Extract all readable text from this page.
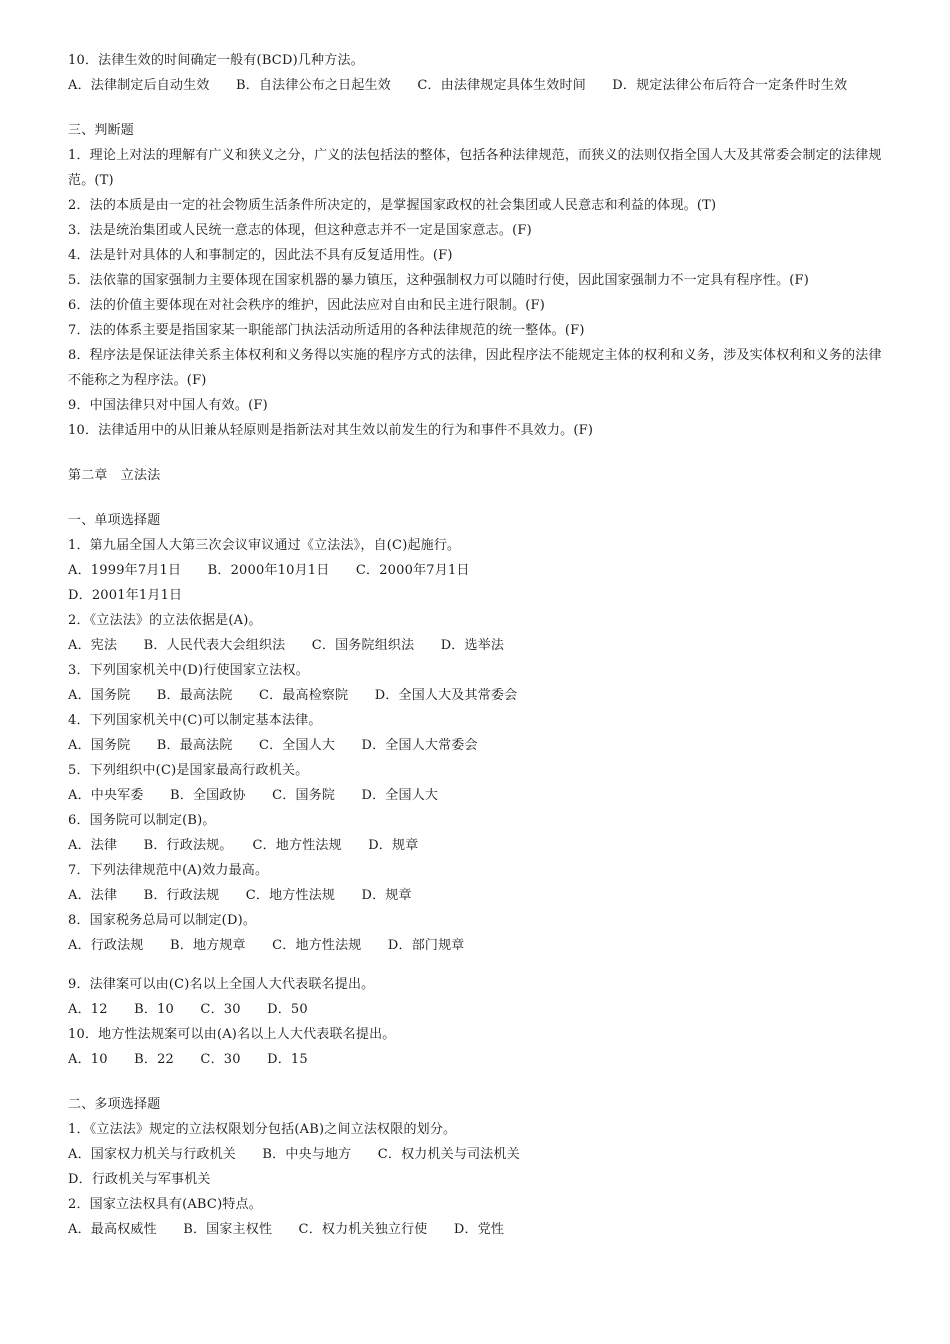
10．法律生效的时间确定一般有(BCD)几种方法。
A．法律制定后自动生效　　B．自法律公布之日起生效　　C．由法律规定具体生效时间　　D．规定法律公布后符合一定条件时生效
三、判断题
1．理论上对法的理解有广义和狭义之分，广义的法包括法的整体，包括各种法律规范，而狭义的法则仅指全国人大及其常委会制定的法律规范。(T)
2．法的本质是由一定的社会物质生活条件所决定的，是掌握国家政权的社会集团或人民意志和利益的体现。(T)
3．法是统治集团或人民统一意志的体现，但这种意志并不一定是国家意志。(F)
4．法是针对具体的人和事制定的，因此法不具有反复适用性。(F)
5．法依靠的国家强制力主要体现在国家机器的暴力镇压，这种强制权力可以随时行使，因此国家强制力不一定具有程序性。(F)
6．法的价值主要体现在对社会秩序的维护，因此法应对自由和民主进行限制。(F)
7．法的体系主要是指国家某一职能部门执法活动所适用的各种法律规范的统一整体。(F)
8．程序法是保证法律关系主体权利和义务得以实施的程序方式的法律，因此程序法不能规定主体的权利和义务，涉及实体权利和义务的法律不能称之为程序法。(F)
9．中国法律只对中国人有效。(F)
10．法律适用中的从旧兼从轻原则是指新法对其生效以前发生的行为和事件不具效力。(F)
第二章　立法法
一、单项选择题
1．第九届全国人大第三次会议审议通过《立法法》，自(C)起施行。
A．1999年7月1日　　B．2000年10月1日　　C．2000年7月1日
D．2001年1月1日
2．《立法法》的立法依据是(A)。
A．宪法　　B．人民代表大会组织法　　C．国务院组织法　　D．选举法
3．下列国家机关中(D)行使国家立法权。
A．国务院　　B．最高法院　　C．最高检察院　　D．全国人大及其常委会
4．下列国家机关中(C)可以制定基本法律。
A．国务院　　B．最高法院　　C．全国人大　　D．全国人大常委会
5．下列组织中(C)是国家最高行政机关。
A．中央军委　　B．全国政协　　C．国务院　　D．全国人大
6．国务院可以制定(B)。
A．法律　　B．行政法规。　　C．地方性法规　　D．规章
7．下列法律规范中(A)效力最高。
A．法律　　B．行政法规　　C．地方性法规　　D．规章
8．国家税务总局可以制定(D)。
A．行政法规　　B．地方规章　　C．地方性法规　　D．部门规章
9．法律案可以由(C)名以上全国人大代表联名提出。
A．12　　B．10　　C．30　　D．50
10．地方性法规案可以由(A)名以上人大代表联名提出。
A．10　　B．22　　C．30　　D．15
二、多项选择题
1．《立法法》规定的立法权限划分包括(AB)之间立法权限的划分。
A．国家权力机关与行政机关　　B．中央与地方　　C．权力机关与司法机关
D．行政机关与军事机关
2．国家立法权具有(ABC)特点。
A．最高权威性　　B．国家主权性　　C．权力机关独立行使　　D．党性
